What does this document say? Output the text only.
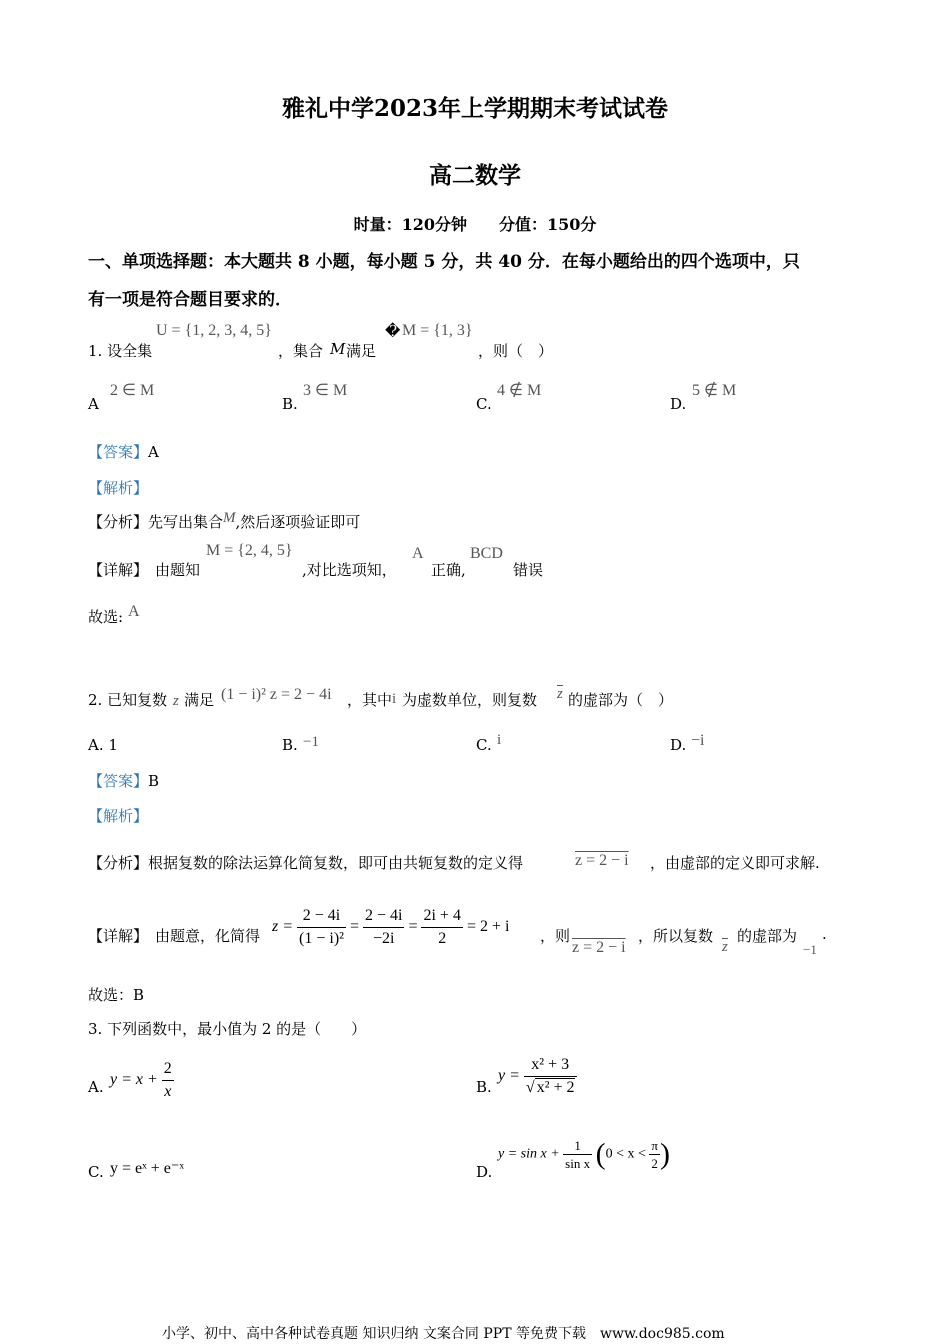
雅礼中学2023年上学期期末考试试卷
高二数学
时量：120分钟　　分值：150分
一、单项选择题：本大题共 8 小题，每小题 5 分，共 40 分．在每小题给出的四个选项中，只
有一项是符合题目要求的．
1. 设全集
U = {1, 2, 3, 4, 5}
，集合 M 满足
� M = {1, 3}
，则（　）
A
2 ∈ M
B.
3 ∈ M
C.
4 ∉ M
D.
5 ∉ M
【答案】A
【解析】
【分析】先写出集合M,然后逐项验证即可
【详解】 由题知
M = {2, 4, 5}
,对比选项知，
A
正确,
BCD
错误
故选: A
2. 已知复数 z 满足 (1 − i)² z = 2 − 4i ，其中 i 为虚数单位，则复数 $\overline{z}$ 的虚部为（　）
A. 1	B. −1	C. i	D. −i
【答案】B
【解析】
【分析】根据复数的除法运算化简复数，即可由共轭复数的定义得	z = 2 − i ，由虚部的定义即可求解.
【详解】 由题意，化简得
$z = \frac{2 - 4i}{\text{(1 − i)²}} = \frac{2 - 4i}{-2i} = \frac{2i + 4}{2} = 2 + i$
，则
z = 2 − i
，所以复数
$\overline{z}$
的虚部为
−1
.
故选：B
3. 下列函数中，最小值为 2 的是（　　）
A. $y = x + \frac{2}{x}$	B.
$y = \frac{\text{x² + 3}}{\text{√ x² + 2}}$
C. y = eˣ + e⁻ˣ	D.
$y = \sin x + \frac{1}{\text{sin x}} (0 < x < \frac{\pi}{2}$ )
小学、初中、高中各种试卷真题 知识归纳 文案合同 PPT 等免费下载　www.doc985.com
